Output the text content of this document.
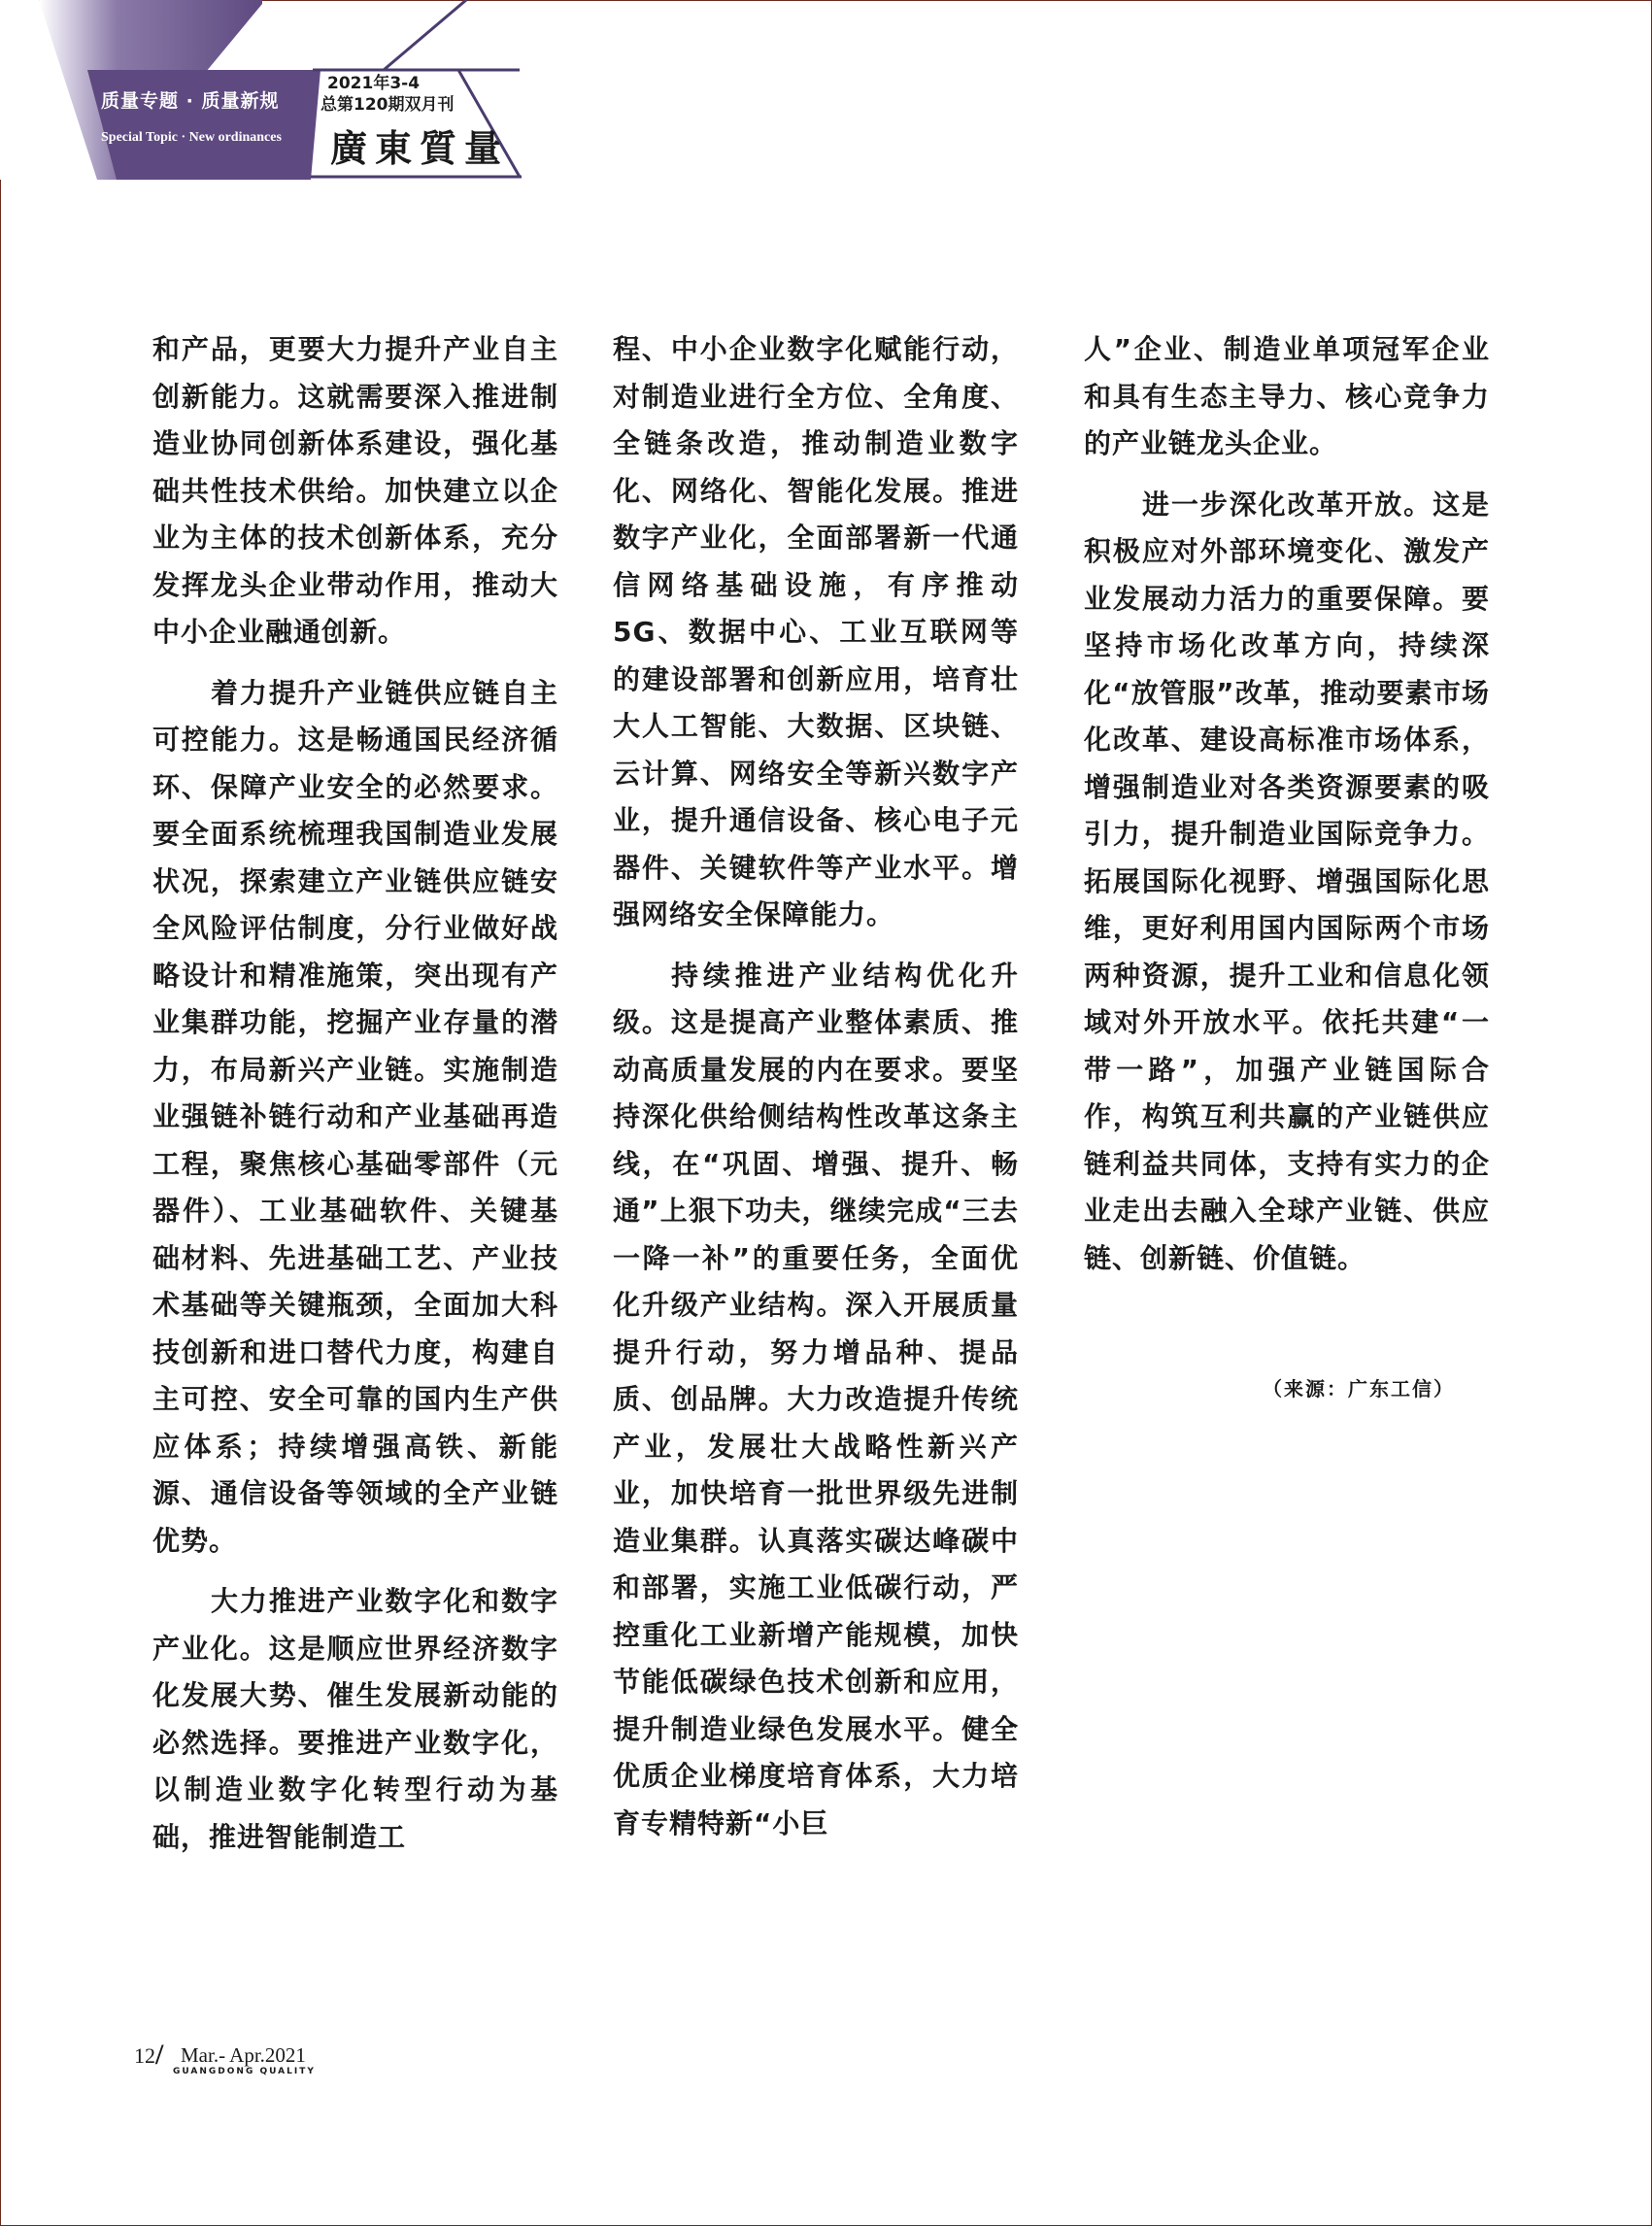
质量专题 · 质量新规
Special Topic · New ordinances
2021年3-4
总第120期双月刊
廣東質量

和产品，更要大力提升产业自主创新能力。这就需要深入推进制造业协同创新体系建设，强化基础共性技术供给。加快建立以企业为主体的技术创新体系，充分发挥龙头企业带动作用，推动大中小企业融通创新。

着力提升产业链供应链自主可控能力。这是畅通国民经济循环、保障产业安全的必然要求。要全面系统梳理我国制造业发展状况，探索建立产业链供应链安全风险评估制度，分行业做好战略设计和精准施策，突出现有产业集群功能，挖掘产业存量的潜力，布局新兴产业链。实施制造业强链补链行动和产业基础再造工程，聚焦核心基础零部件（元器件）、工业基础软件、关键基础材料、先进基础工艺、产业技术基础等关键瓶颈，全面加大科技创新和进口替代力度，构建自主可控、安全可靠的国内生产供应体系；持续增强高铁、新能源、通信设备等领域的全产业链优势。

大力推进产业数字化和数字产业化。这是顺应世界经济数字化发展大势、催生发展新动能的必然选择。要推进产业数字化，以制造业数字化转型行动为基础，推进智能制造工

程、中小企业数字化赋能行动，对制造业进行全方位、全角度、全链条改造，推动制造业数字化、网络化、智能化发展。推进数字产业化，全面部署新一代通信网络基础设施，有序推动5G、数据中心、工业互联网等的建设部署和创新应用，培育壮大人工智能、大数据、区块链、云计算、网络安全等新兴数字产业，提升通信设备、核心电子元器件、关键软件等产业水平。增强网络安全保障能力。

持续推进产业结构优化升级。这是提高产业整体素质、推动高质量发展的内在要求。要坚持深化供给侧结构性改革这条主线，在“巩固、增强、提升、畅通”上狠下功夫，继续完成“三去一降一补”的重要任务，全面优化升级产业结构。深入开展质量提升行动，努力增品种、提品质、创品牌。大力改造提升传统产业，发展壮大战略性新兴产业，加快培育一批世界级先进制造业集群。认真落实碳达峰碳中和部署，实施工业低碳行动，严控重化工业新增产能规模，加快节能低碳绿色技术创新和应用，提升制造业绿色发展水平。健全优质企业梯度培育体系，大力培育专精特新“小巨

人”企业、制造业单项冠军企业和具有生态主导力、核心竞争力的产业链龙头企业。

进一步深化改革开放。这是积极应对外部环境变化、激发产业发展动力活力的重要保障。要坚持市场化改革方向，持续深化“放管服”改革，推动要素市场化改革、建设高标准市场体系，增强制造业对各类资源要素的吸引力，提升制造业国际竞争力。拓展国际化视野、增强国际化思维，更好利用国内国际两个市场两种资源，提升工业和信息化领域对外开放水平。依托共建“一带一路”，加强产业链国际合作，构筑互利共赢的产业链供应链利益共同体，支持有实力的企业走出去融入全球产业链、供应链、创新链、价值链。

（来源：广东工信）
12 / Mar.- Apr.2021
GUANGDONG QUALITY
